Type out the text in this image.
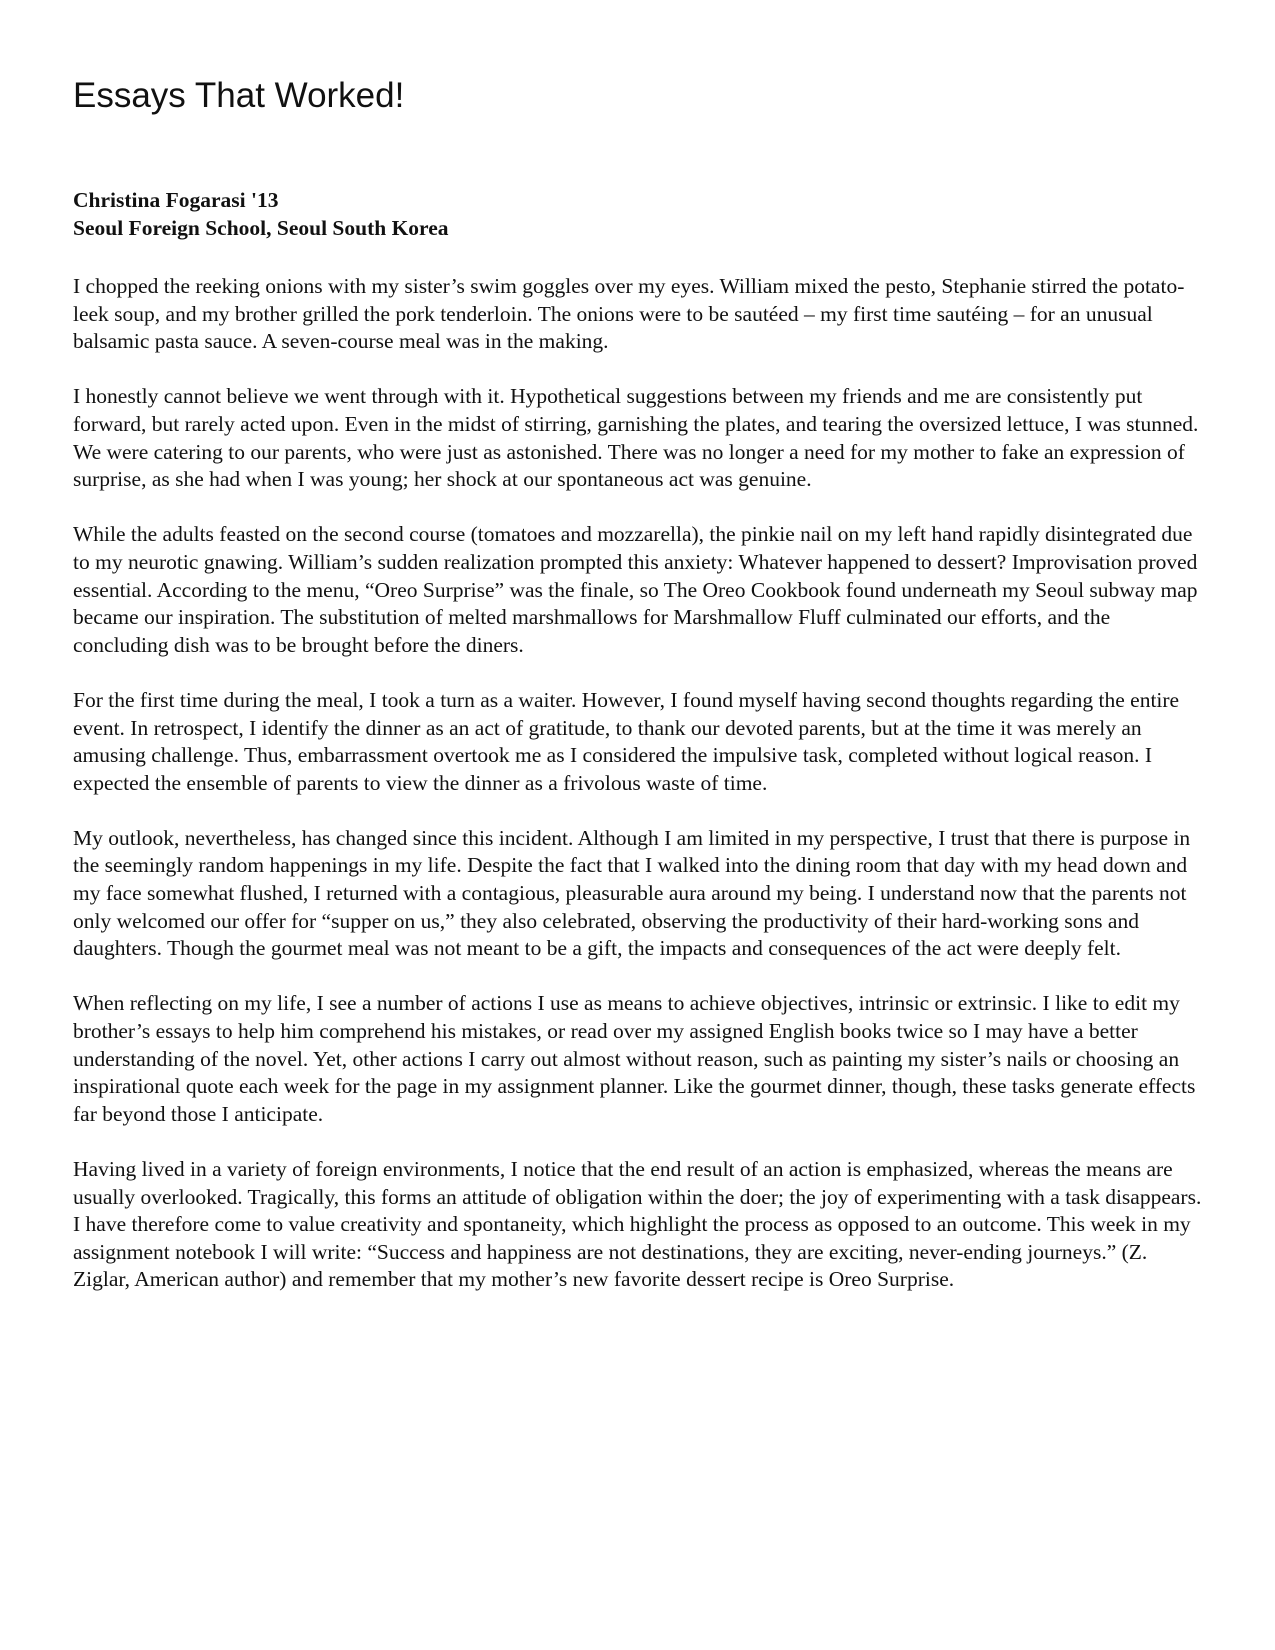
Essays That Worked!
Christina Fogarasi '13
Seoul Foreign School, Seoul South Korea

I chopped the reeking onions with my sister’s swim goggles over my eyes. William mixed the pesto, Stephanie stirred the potato-leek soup, and my brother grilled the pork tenderloin. The onions were to be sautéed – my first time sautéing – for an unusual balsamic pasta sauce. A seven-course meal was in the making.

I honestly cannot believe we went through with it. Hypothetical suggestions between my friends and me are consistently put forward, but rarely acted upon. Even in the midst of stirring, garnishing the plates, and tearing the oversized lettuce, I was stunned. We were catering to our parents, who were just as astonished. There was no longer a need for my mother to fake an expression of surprise, as she had when I was young; her shock at our spontaneous act was genuine.

While the adults feasted on the second course (tomatoes and mozzarella), the pinkie nail on my left hand rapidly disintegrated due to my neurotic gnawing. William’s sudden realization prompted this anxiety: Whatever happened to dessert? Improvisation proved essential. According to the menu, “Oreo Surprise” was the finale, so The Oreo Cookbook found underneath my Seoul subway map became our inspiration. The substitution of melted marshmallows for Marshmallow Fluff culminated our efforts, and the concluding dish was to be brought before the diners.

For the first time during the meal, I took a turn as a waiter. However, I found myself having second thoughts regarding the entire event. In retrospect, I identify the dinner as an act of gratitude, to thank our devoted parents, but at the time it was merely an amusing challenge. Thus, embarrassment overtook me as I considered the impulsive task, completed without logical reason. I expected the ensemble of parents to view the dinner as a frivolous waste of time.

My outlook, nevertheless, has changed since this incident. Although I am limited in my perspective, I trust that there is purpose in the seemingly random happenings in my life. Despite the fact that I walked into the dining room that day with my head down and my face somewhat flushed, I returned with a contagious, pleasurable aura around my being. I understand now that the parents not only welcomed our offer for “supper on us,” they also celebrated, observing the productivity of their hard-working sons and daughters. Though the gourmet meal was not meant to be a gift, the impacts and consequences of the act were deeply felt.

When reflecting on my life, I see a number of actions I use as means to achieve objectives, intrinsic or extrinsic. I like to edit my brother’s essays to help him comprehend his mistakes, or read over my assigned English books twice so I may have a better understanding of the novel. Yet, other actions I carry out almost without reason, such as painting my sister’s nails or choosing an inspirational quote each week for the page in my assignment planner. Like the gourmet dinner, though, these tasks generate effects far beyond those I anticipate.

Having lived in a variety of foreign environments, I notice that the end result of an action is emphasized, whereas the means are usually overlooked. Tragically, this forms an attitude of obligation within the doer; the joy of experimenting with a task disappears. I have therefore come to value creativity and spontaneity, which highlight the process as opposed to an outcome. This week in my assignment notebook I will write: “Success and happiness are not destinations, they are exciting, never-ending journeys.” (Z. Ziglar, American author) and remember that my mother’s new favorite dessert recipe is Oreo Surprise.
